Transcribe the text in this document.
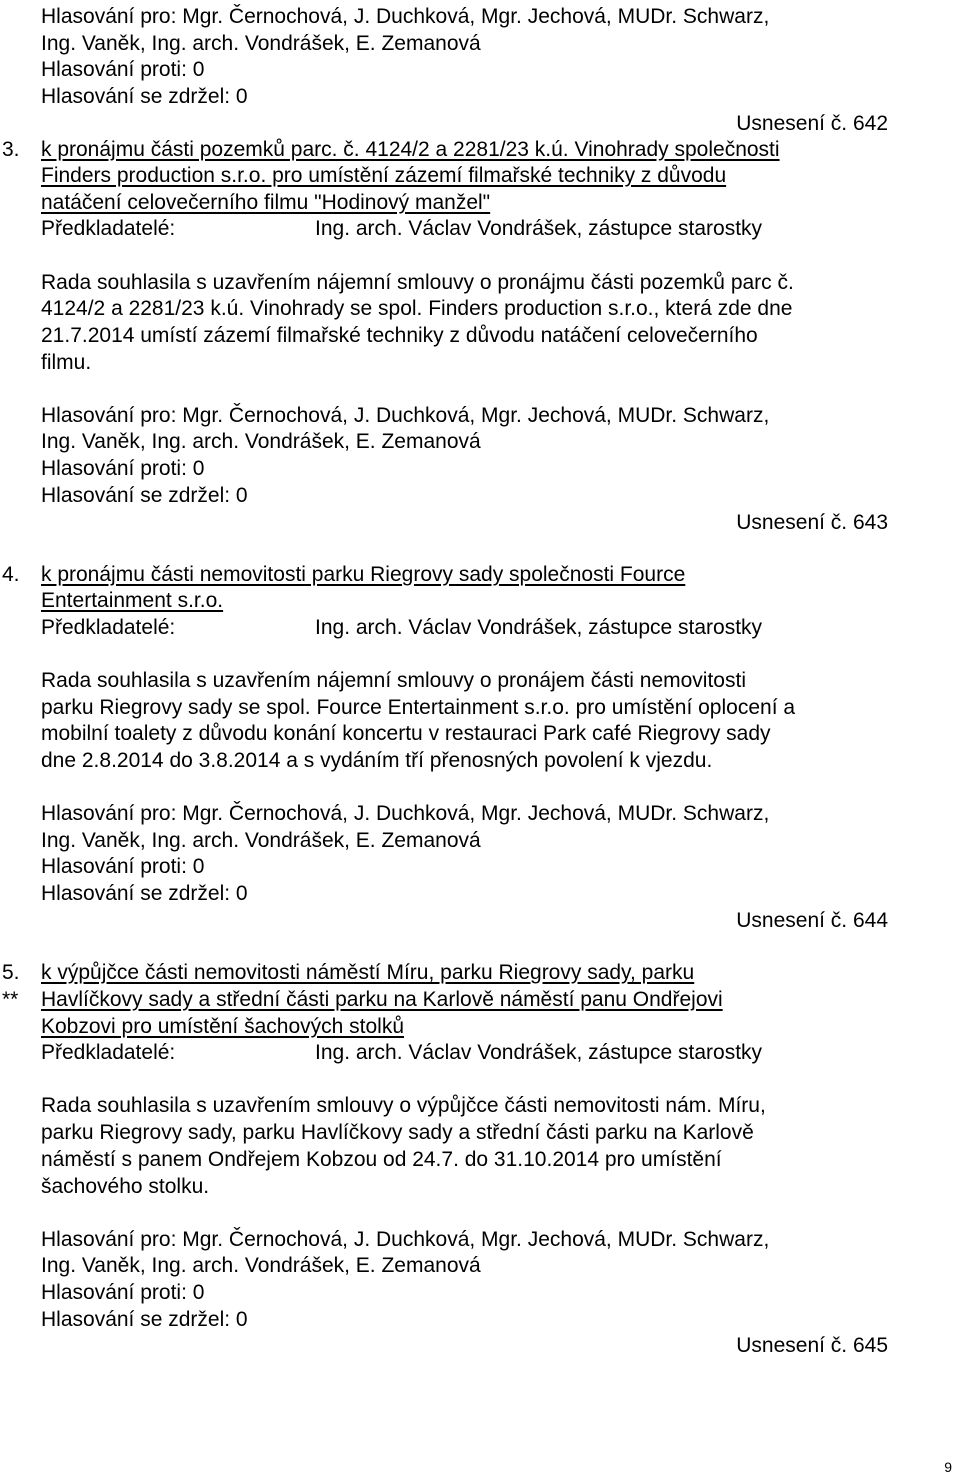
Hlasování pro: Mgr. Černochová, J. Duchková, Mgr. Jechová, MUDr. Schwarz,
Ing. Vaněk, Ing. arch. Vondrášek, E. Zemanová
Hlasování proti: 0
Hlasování se zdržel: 0
Usnesení č. 642
3. k pronájmu části pozemků parc. č. 4124/2 a 2281/23 k.ú. Vinohrady společnosti
Finders production s.r.o. pro umístění zázemí filmařské techniky z důvodu
natáčení celovečerního filmu "Hodinový manžel"
Předkladatelé:	Ing. arch. Václav Vondrášek, zástupce starostky
Rada souhlasila s uzavřením nájemní smlouvy o pronájmu části pozemků parc č.
4124/2 a 2281/23 k.ú. Vinohrady se spol. Finders production s.r.o., která zde dne
21.7.2014 umístí zázemí filmařské techniky z důvodu natáčení celovečerního
filmu.
Hlasování pro: Mgr. Černochová, J. Duchková, Mgr. Jechová, MUDr. Schwarz,
Ing. Vaněk, Ing. arch. Vondrášek, E. Zemanová
Hlasování proti: 0
Hlasování se zdržel: 0
Usnesení č. 643
4. k pronájmu části nemovitosti parku Riegrovy sady společnosti Fource
Entertainment s.r.o.
Předkladatelé:	Ing. arch. Václav Vondrášek, zástupce starostky
Rada souhlasila s uzavřením nájemní smlouvy o pronájem části nemovitosti
parku Riegrovy sady se spol. Fource Entertainment s.r.o. pro umístění oplocení a
mobilní toalety z důvodu konání koncertu v restauraci Park café Riegrovy sady
dne 2.8.2014 do 3.8.2014 a s vydáním tří přenosných povolení k vjezdu.
Hlasování pro: Mgr. Černochová, J. Duchková, Mgr. Jechová, MUDr. Schwarz,
Ing. Vaněk, Ing. arch. Vondrášek, E. Zemanová
Hlasování proti: 0
Hlasování se zdržel: 0
Usnesení č. 644
5.
**
k výpůjčce části nemovitosti náměstí Míru, parku Riegrovy sady, parku
Havlíčkovy sady a střední části parku na Karlově náměstí panu Ondřejovi
Kobzovi pro umístění šachových stolků
Předkladatelé:	Ing. arch. Václav Vondrášek, zástupce starostky
Rada souhlasila s uzavřením smlouvy o výpůjčce části nemovitosti nám. Míru,
parku Riegrovy sady, parku Havlíčkovy sady a střední části parku na Karlově
náměstí s panem Ondřejem Kobzou od 24.7. do 31.10.2014 pro umístění
šachového stolku.
Hlasování pro: Mgr. Černochová, J. Duchková, Mgr. Jechová, MUDr. Schwarz,
Ing. Vaněk, Ing. arch. Vondrášek, E. Zemanová
Hlasování proti: 0
Hlasování se zdržel: 0
Usnesení č. 645
9
